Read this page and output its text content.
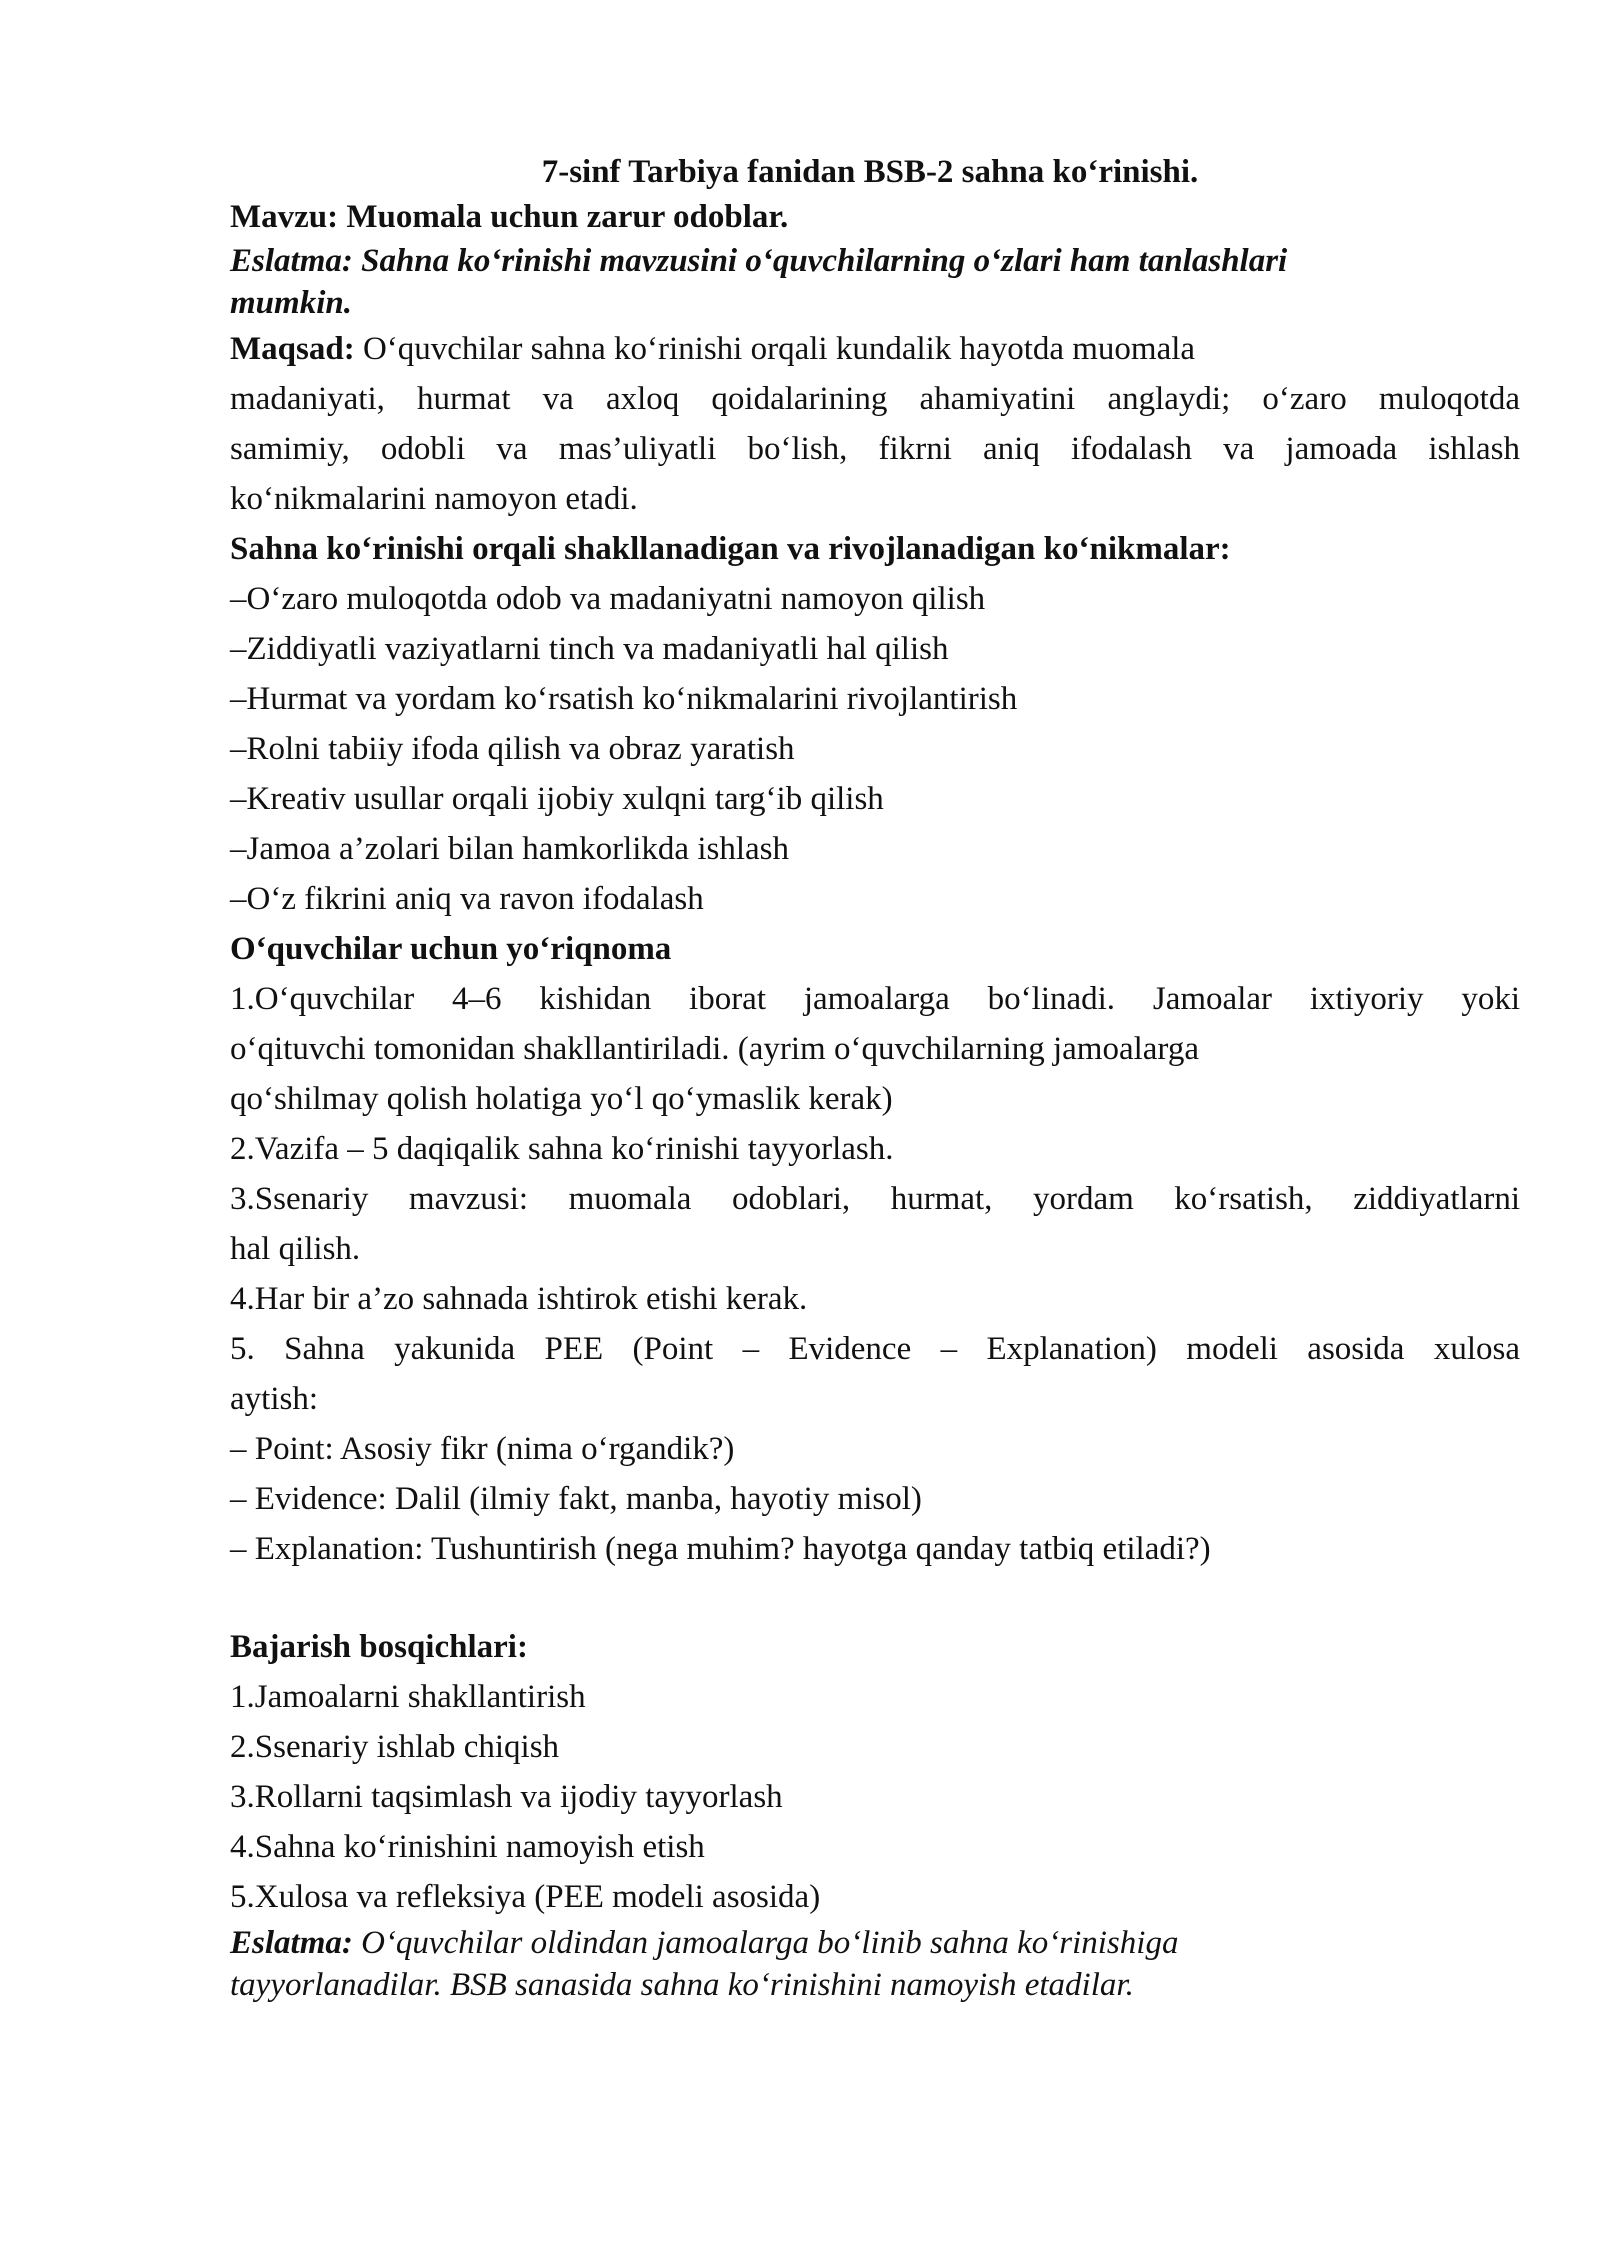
7-sinf Tarbiya fanidan BSB-2 sahna ko‘rinishi.

Mavzu: Muomala uchun zarur odoblar.

Eslatma: Sahna ko‘rinishi mavzusini o‘quvchilarning o‘zlari ham tanlashlari

mumkin.

Maqsad: O‘quvchilar sahna ko‘rinishi orqali kundalik hayotda muomala

madaniyati, hurmat va axloq qoidalarining ahamiyatini anglaydi; o‘zaro muloqotda

samimiy, odobli va mas’uliyatli bo‘lish, fikrni aniq ifodalash va jamoada ishlash

ko‘nikmalarini namoyon etadi.

Sahna ko‘rinishi orqali shakllanadigan va rivojlanadigan ko‘nikmalar:

–O‘zaro muloqotda odob va madaniyatni namoyon qilish

–Ziddiyatli vaziyatlarni tinch va madaniyatli hal qilish

–Hurmat va yordam ko‘rsatish ko‘nikmalarini rivojlantirish

–Rolni tabiiy ifoda qilish va obraz yaratish

–Kreativ usullar orqali ijobiy xulqni targ‘ib qilish

–Jamoa a’zolari bilan hamkorlikda ishlash

–O‘z fikrini aniq va ravon ifodalash

O‘quvchilar uchun yo‘riqnoma

1.O‘quvchilar 4–6 kishidan iborat jamoalarga bo‘linadi. Jamoalar ixtiyoriy yoki

o‘qituvchi tomonidan shakllantiriladi. (ayrim o‘quvchilarning jamoalarga

qo‘shilmay qolish holatiga yo‘l qo‘ymaslik kerak)

2.Vazifa – 5 daqiqalik sahna ko‘rinishi tayyorlash.

3.Ssenariy mavzusi: muomala odoblari, hurmat, yordam ko‘rsatish, ziddiyatlarni

hal qilish.

4.Har bir a’zo sahnada ishtirok etishi kerak.

5. Sahna yakunida PEE (Point – Evidence – Explanation) modeli asosida xulosa

aytish:

– Point: Asosiy fikr (nima o‘rgandik?)

– Evidence: Dalil (ilmiy fakt, manba, hayotiy misol)

– Explanation: Tushuntirish (nega muhim? hayotga qanday tatbiq etiladi?)

Bajarish bosqichlari:

1.Jamoalarni shakllantirish

2.Ssenariy ishlab chiqish

3.Rollarni taqsimlash va ijodiy tayyorlash

4.Sahna ko‘rinishini namoyish etish

5.Xulosa va refleksiya (PEE modeli asosida)

Eslatma: O‘quvchilar oldindan jamoalarga bo‘linib sahna ko‘rinishiga

tayyorlanadilar. BSB sanasida sahna ko‘rinishini namoyish etadilar.
